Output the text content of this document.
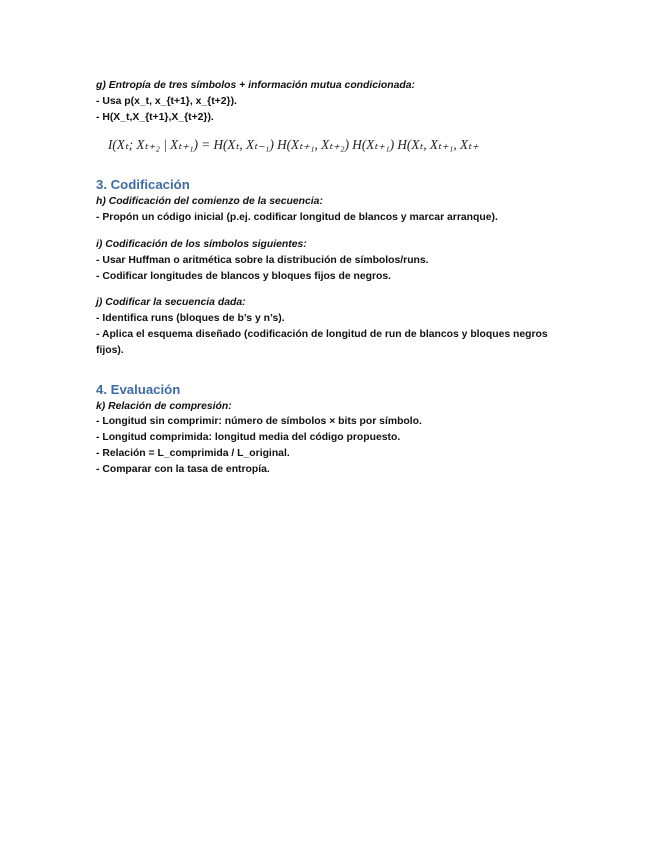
g) Entropía de tres símbolos + información mutua condicionada:
- Usa p(x_t, x_{t+1}, x_{t+2}).
- H(X_t,X_{t+1},X_{t+2}).
I(Xₜ; Xₜ₊₂ | Xₜ₊₁) = H(Xₜ, Xₜ₋₁) H(Xₜ₊₁, Xₜ₊₂) H(Xₜ₊₁) H(Xₜ, Xₜ₊₁, Xₜ₊
3. Codificación
h) Codificación del comienzo de la secuencia:
- Propón un código inicial (p.ej. codificar longitud de blancos y marcar arranque).
i) Codificación de los símbolos siguientes:
- Usar Huffman o aritmética sobre la distribución de símbolos/runs.
- Codificar longitudes de blancos y bloques fijos de negros.
j) Codificar la secuencia dada:
- Identifica runs (bloques de b’s y n’s).
- Aplica el esquema diseñado (codificación de longitud de run de blancos y bloques negros fijos).
4. Evaluación
k) Relación de compresión:
- Longitud sin comprimir: número de símbolos × bits por símbolo.
- Longitud comprimida: longitud media del código propuesto.
- Relación = L_comprimida / L_original.
- Comparar con la tasa de entropía.
